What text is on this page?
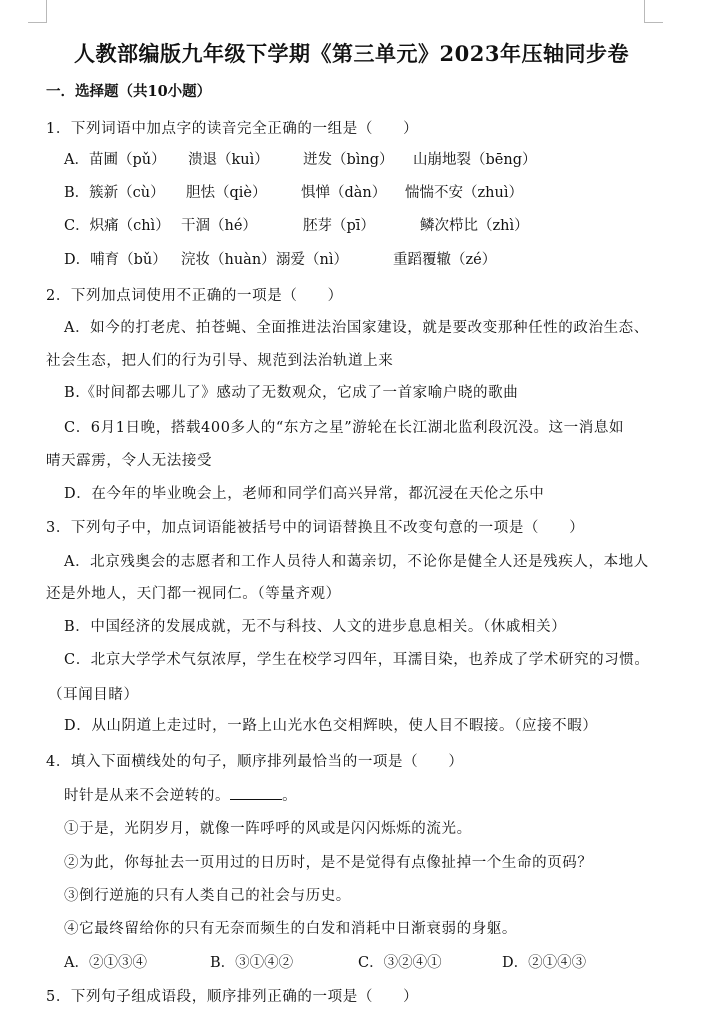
人教部编版九年级下学期《第三单元》2023年压轴同步卷
一．选择题（共10小题）
1．下列词语中加点字的读音完全正确的一组是（　　）
A．苗圃（pǔ） 溃退（kuì） 迸发（bìng） 山崩地裂（bēng）
B．簇新（cù） 胆怯（qiè） 惧惮（dàn） 惴惴不安（zhuì）
C．炽痛（chì） 干涸（hé）	胚芽（pī）	鳞次栉比（zhì）
D．哺育（bǔ） 浣妆（huàn） 溺爱（nì）	重蹈覆辙（zé）
2．下列加点词使用不正确的一项是（　　）
A．如今的打老虎、拍苍蝇、全面推进法治国家建设，就是要改变那种任性的政治生态、
社会生态，把人们的行为引导、规范到法治轨道上来
B.《时间都去哪儿了》感动了无数观众，它成了一首家喻户晓的歌曲
C．6月1日晚，搭载400多人的“东方之星”游轮在长江湖北监利段沉没。这一消息如
晴天霹雳，令人无法接受
D．在今年的毕业晚会上，老师和同学们高兴异常，都沉浸在天伦之乐中
3．下列句子中，加点词语能被括号中的词语替换且不改变句意的一项是（　　）
A．北京残奥会的志愿者和工作人员待人和蔼亲切，不论你是健全人还是残疾人，本地人
还是外地人，天门都一视同仁。（等量齐观）
B．中国经济的发展成就，无不与科技、人文的进步息息相关。（休戚相关）
C．北京大学学术气氛浓厚，学生在校学习四年，耳濡目染，也养成了学术研究的习惯。
（耳闻目睹）
D．从山阴道上走过时，一路上山光水色交相辉映，使人目不暇接。（应接不暇）
4．填入下面横线处的句子，顺序排列最恰当的一项是（　　）
时针是从来不会逆转的。	。
①于是，光阴岁月，就像一阵呼呼的风或是闪闪烁烁的流光。
②为此，你每扯去一页用过的日历时，是不是觉得有点像扯掉一个生命的页码？
③倒行逆施的只有人类自己的社会与历史。
④它最终留给你的只有无奈而频生的白发和消耗中日渐衰弱的身躯。
A．②①③④	B．③①④②	C．③②④①	D．②①④③
5．下列句子组成语段，顺序排列正确的一项是（　　）
